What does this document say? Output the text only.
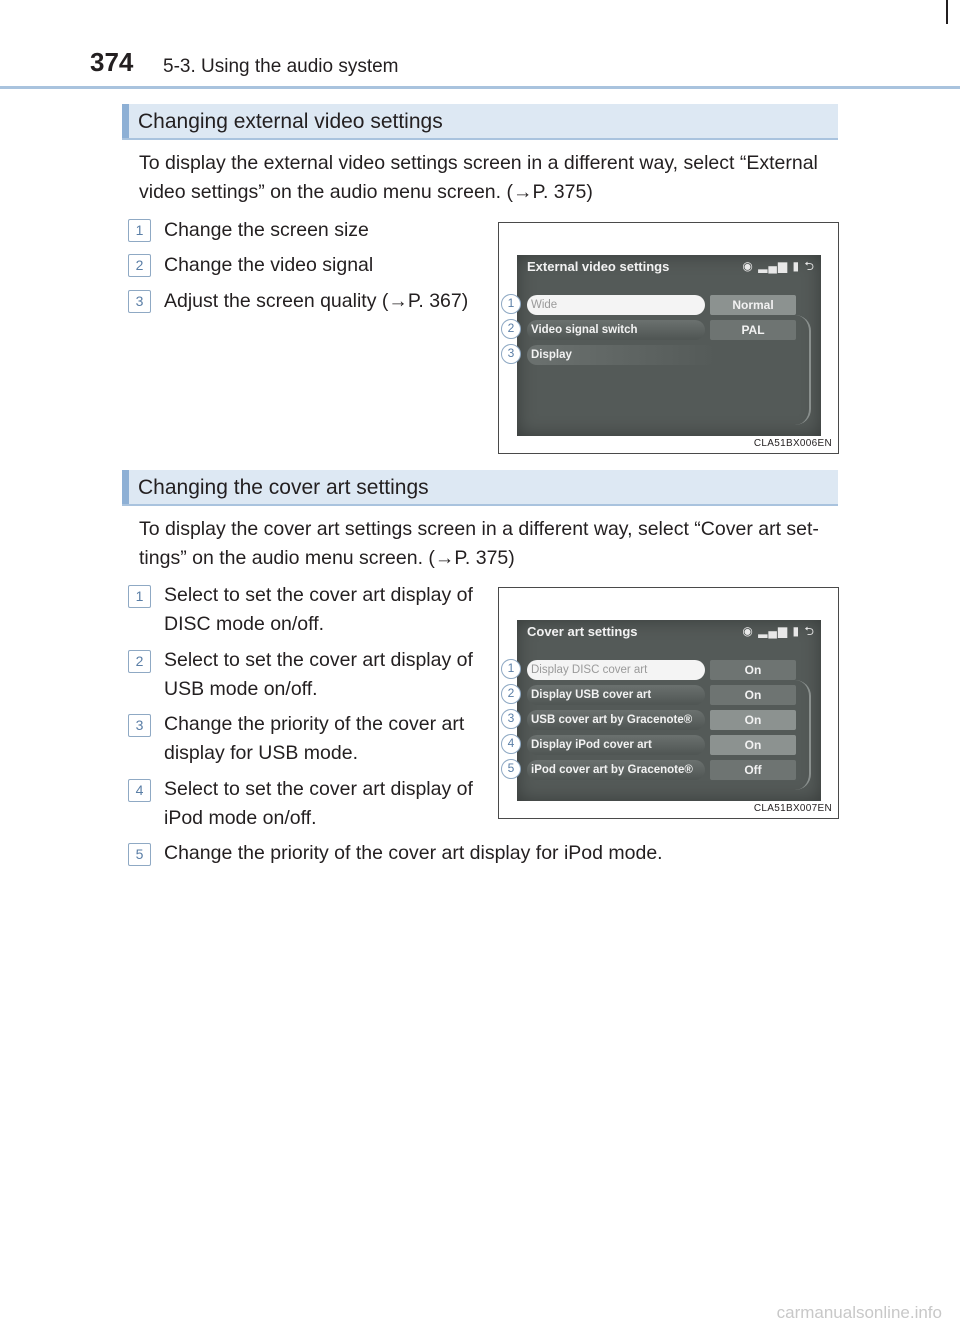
374 5-3. Using the audio system
Changing external video settings
To display the external video settings screen in a different way, select “External
video settings” on the audio menu screen. (→P. 375)
1	Change the screen size
2	Change the video signal
3	Adjust the screen quality (→P. 367)
External video settings	◉ ▂▄▆ ▮ ⮌
Wide	Normal
Video signal switch	PAL
Display
1
2
3
CLA51BX006EN
Changing the cover art settings
To display the cover art settings screen in a different way, select “Cover art set-
tings” on the audio menu screen. (→P. 375)
1	Select to set the cover art display of
DISC mode on/off.
2	Select to set the cover art display of
USB mode on/off.
3	Change the priority of the cover art
display for USB mode.
4	Select to set the cover art display of
iPod mode on/off.
5	Change the priority of the cover art display for iPod mode.
Cover art settings	◉ ▂▄▆ ▮ ⮌
Display DISC cover art	On
Display USB cover art	On
USB cover art by Gracenote®	On
Display iPod cover art	On
iPod cover art by Gracenote®	Off
1
2
3
4
5
CLA51BX007EN
carmanualsonline.info
